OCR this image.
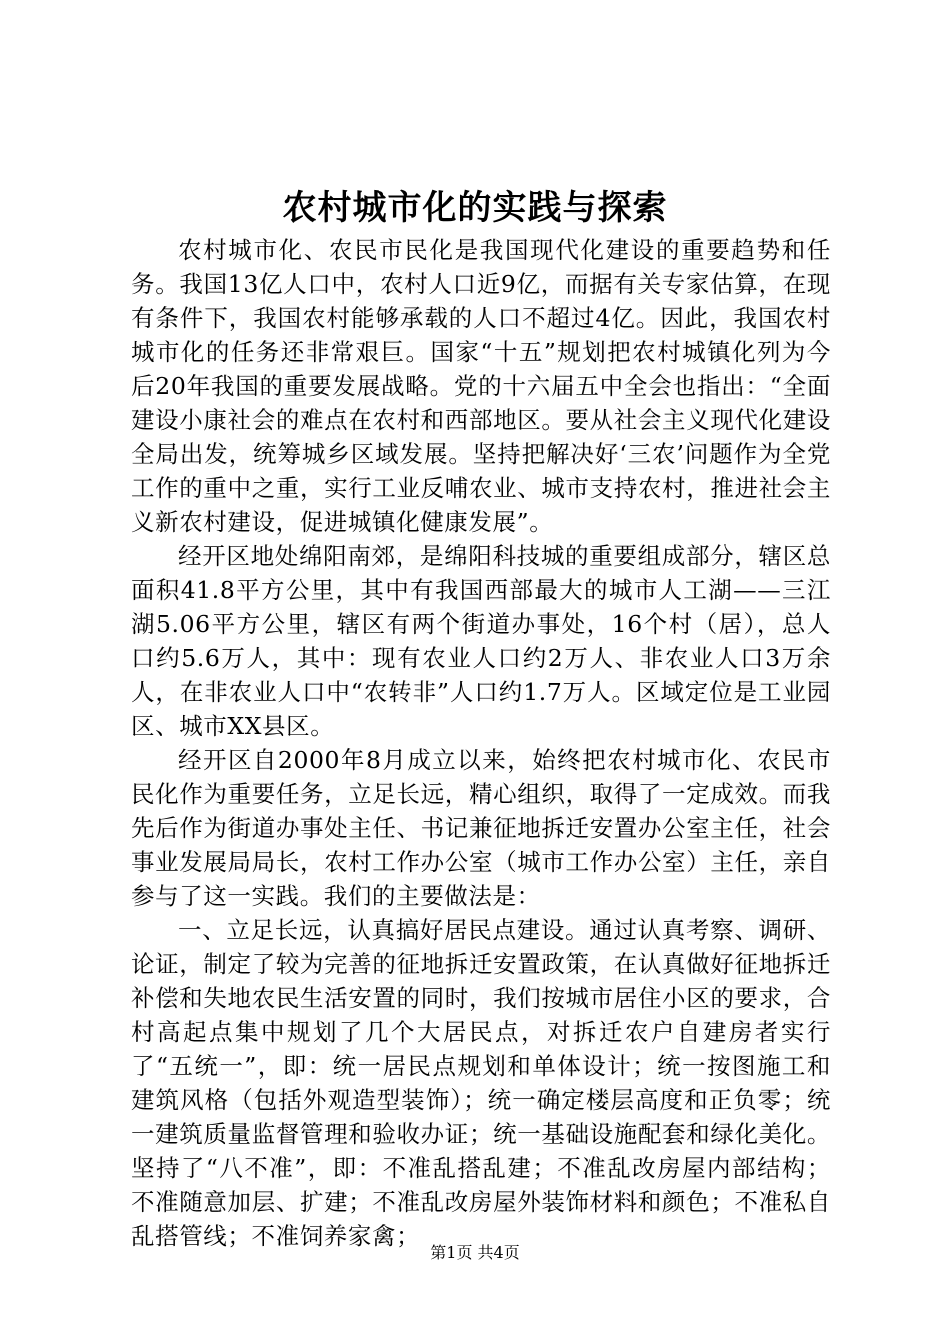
农村城市化的实践与探索

农村城市化、农民市民化是我国现代化建设的重要趋势和任务。我国13亿人口中，农村人口近9亿，而据有关专家估算，在现有条件下，我国农村能够承载的人口不超过4亿。因此，我国农村城市化的任务还非常艰巨。国家“十五”规划把农村城镇化列为今后20年我国的重要发展战略。党的十六届五中全会也指出：“全面建设小康社会的难点在农村和西部地区。要从社会主义现代化建设全局出发，统筹城乡区域发展。坚持把解决好‘三农’问题作为全党工作的重中之重，实行工业反哺农业、城市支持农村，推进社会主义新农村建设，促进城镇化健康发展”。

经开区地处绵阳南郊，是绵阳科技城的重要组成部分，辖区总面积41.8平方公里，其中有我国西部最大的城市人工湖——三江湖5.06平方公里，辖区有两个街道办事处，16个村（居），总人口约5.6万人，其中：现有农业人口约2万人、非农业人口3万余人，在非农业人口中“农转非”人口约1.7万人。区域定位是工业园区、城市XX县区。

经开区自2000年8月成立以来，始终把农村城市化、农民市民化作为重要任务，立足长远，精心组织，取得了一定成效。而我先后作为街道办事处主任、书记兼征地拆迁安置办公室主任，社会事业发展局局长，农村工作办公室（城市工作办公室）主任，亲自参与了这一实践。我们的主要做法是：

一、立足长远，认真搞好居民点建设。通过认真考察、调研、论证，制定了较为完善的征地拆迁安置政策，在认真做好征地拆迁补偿和失地农民生活安置的同时，我们按城市居住小区的要求，合村高起点集中规划了几个大居民点，对拆迁农户自建房者实行了“五统一”，即：统一居民点规划和单体设计；统一按图施工和建筑风格（包括外观造型装饰）；统一确定楼层高度和正负零；统一建筑质量监督管理和验收办证；统一基础设施配套和绿化美化。坚持了“八不准”，即：不准乱搭乱建；不准乱改房屋内部结构；不准随意加层、扩建；不准乱改房屋外装饰材料和颜色；不准私自乱搭管线；不准饲养家禽；

第1页 共4页
